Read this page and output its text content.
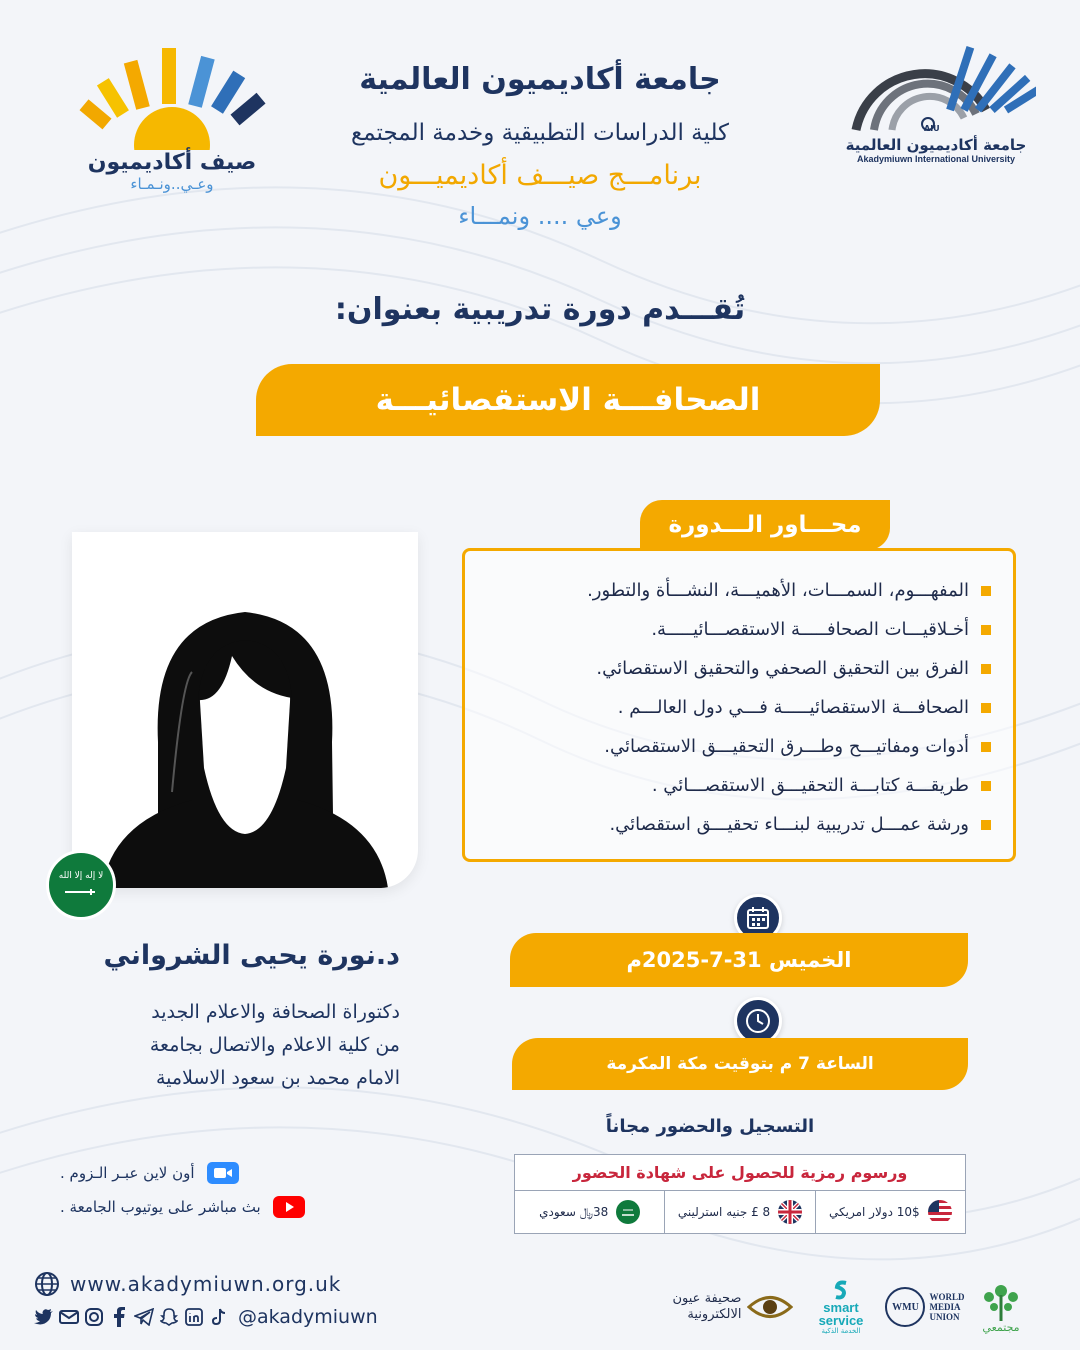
صيف أكاديميون
وعـي..ونـمـاء
AIU
جامعة أكاديميون العالمية
Akadymiuwn International University
جامعة أكاديميون العالمية
كلية الدراسات التطبيقية وخدمة المجتمع
برنامـــج صيـــف أكاديميـــون
وعي .... ونمـــاء
تُقـــدم دورة تدريبية بعنوان:
الصحافـــة الاستقصائيـــة
محـــاور الـــدورة
المفهـــوم، السمـــات، الأهميـــة، النشـــأة والتطور.
أخـلاقيـــات الصحافـــــة الاستقصـــائيـــــة.
الفرق بين التحقيق الصحفي والتحقيق الاستقصائي.
الصحافـــة الاستقصائيـــــة فـــي دول العالـــم .
أدوات ومفاتيـــح وطـــرق التحقيـــق الاستقصائي.
طريقـــة كتابـــة التحقيـــق الاستقصـــائي .
ورشة عمـــل تدريبية لبنـــاء تحقيـــق استقصائي.
لا إله إلا الله
د.نورة يحيى الشرواني
دكتوراة الصحافة والاعلام الجديد
من كلية الاعلام والاتصال بجامعة
الامام محمد بن سعود الاسلامية
الخميس 31-7-2025م
الساعة 7 م بتوقيت مكة المكرمة
التسجيل والحضور مجاناً
ورسوم رمزية للحصول على شهادة الحضور
10$ دولار امريكي
8 £ جنيه استرليني
38﷼ سعودي
أون لاين عبـر الـزوم .
بث مباشر على يوتيوب الجامعة .
www.akadymiuwn.org.uk
@akadymiuwn
صحيفة عيون
الالكترونية	smart
service
الخدمة الذكية
WMU
WORLD
MEDIA
UNION
مجتمعي
